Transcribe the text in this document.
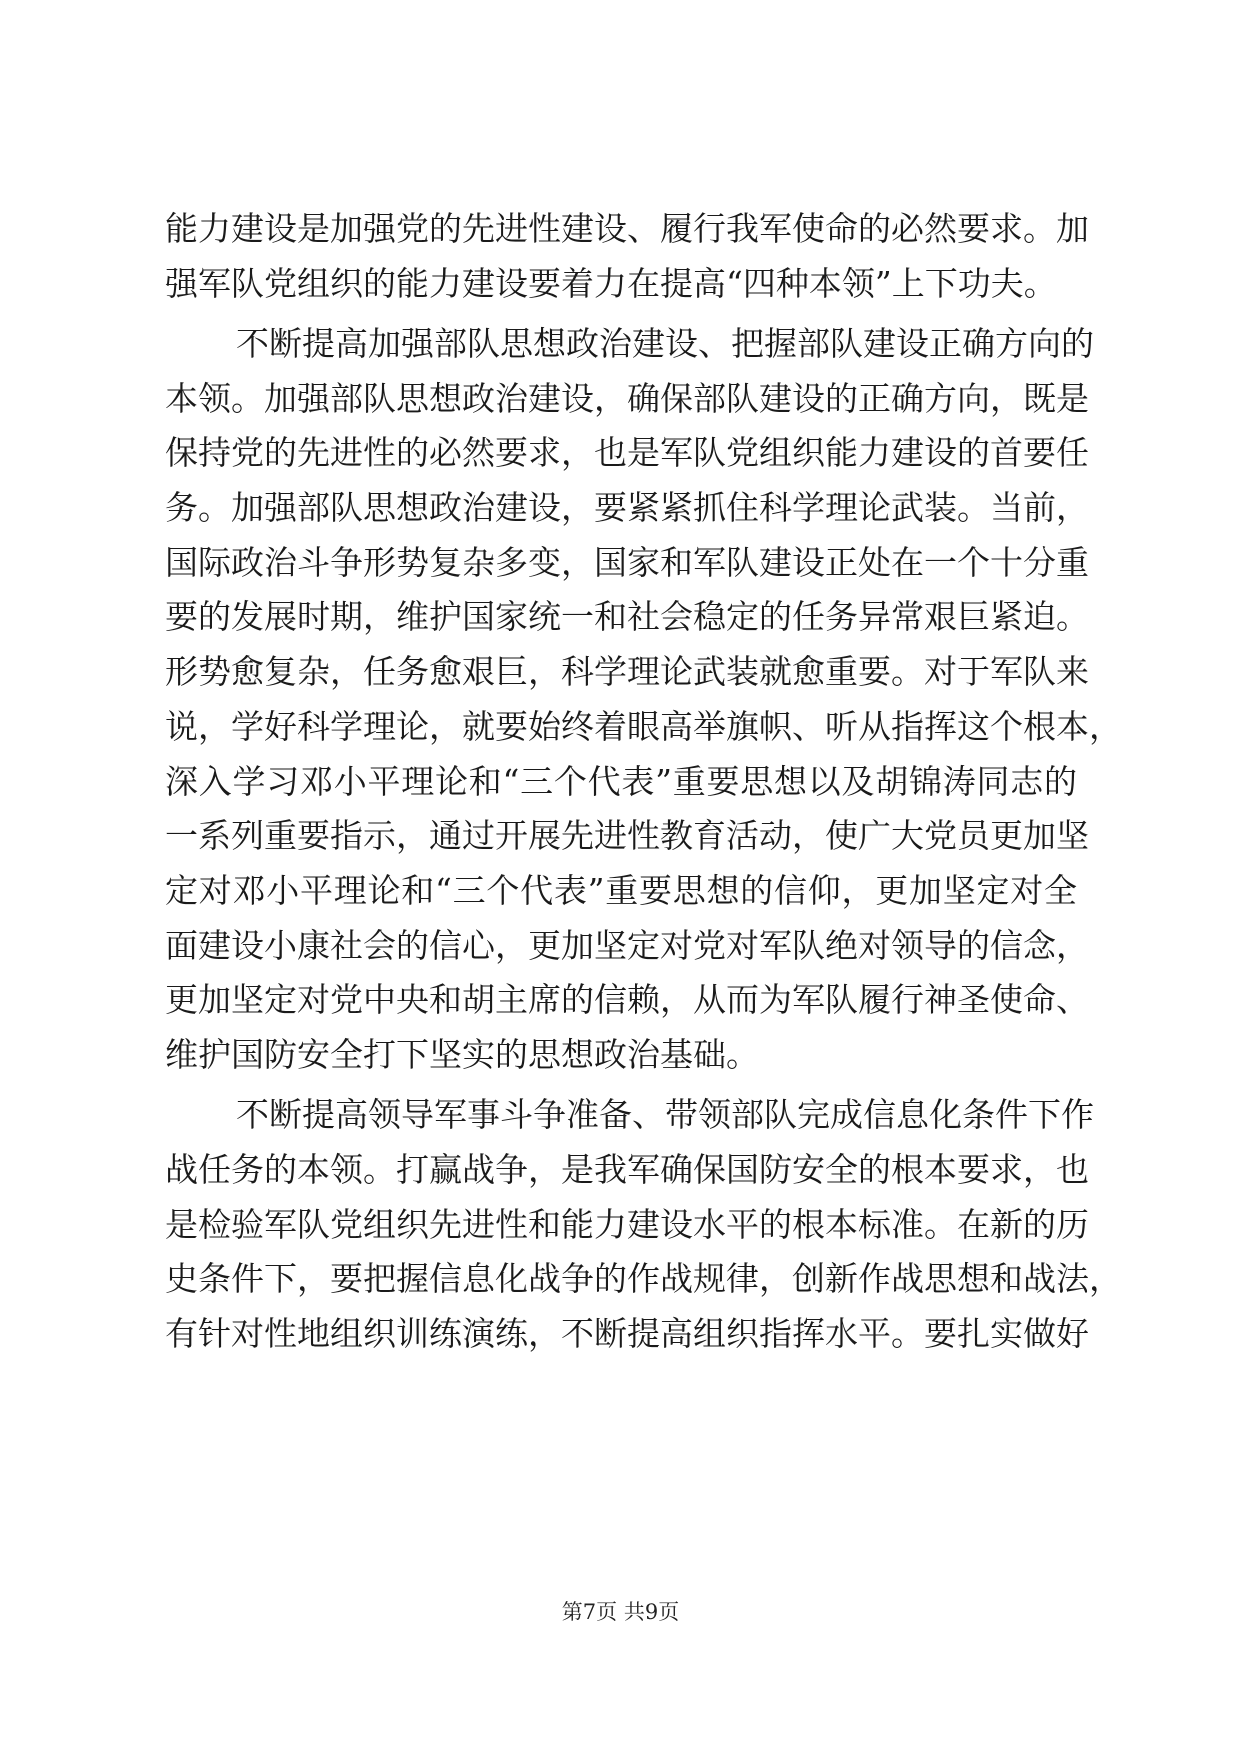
能力建设是加强党的先进性建设、履行我军使命的必然要求。加
强军队党组织的能力建设要着力在提高“四种本领”上下功夫。
不断提高加强部队思想政治建设、把握部队建设正确方向的
本领。加强部队思想政治建设，确保部队建设的正确方向，既是
保持党的先进性的必然要求，也是军队党组织能力建设的首要任
务。加强部队思想政治建设，要紧紧抓住科学理论武装。当前，
国际政治斗争形势复杂多变，国家和军队建设正处在一个十分重
要的发展时期，维护国家统一和社会稳定的任务异常艰巨紧迫。
形势愈复杂，任务愈艰巨，科学理论武装就愈重要。对于军队来
说，学好科学理论，就要始终着眼高举旗帜、听从指挥这个根本，
深入学习邓小平理论和“三个代表”重要思想以及胡锦涛同志的
一系列重要指示，通过开展先进性教育活动，使广大党员更加坚
定对邓小平理论和“三个代表”重要思想的信仰，更加坚定对全
面建设小康社会的信心，更加坚定对党对军队绝对领导的信念，
更加坚定对党中央和胡主席的信赖，从而为军队履行神圣使命、
维护国防安全打下坚实的思想政治基础。
不断提高领导军事斗争准备、带领部队完成信息化条件下作
战任务的本领。打赢战争，是我军确保国防安全的根本要求，也
是检验军队党组织先进性和能力建设水平的根本标准。在新的历
史条件下，要把握信息化战争的作战规律，创新作战思想和战法，
有针对性地组织训练演练，不断提高组织指挥水平。要扎实做好
第7页 共9页
